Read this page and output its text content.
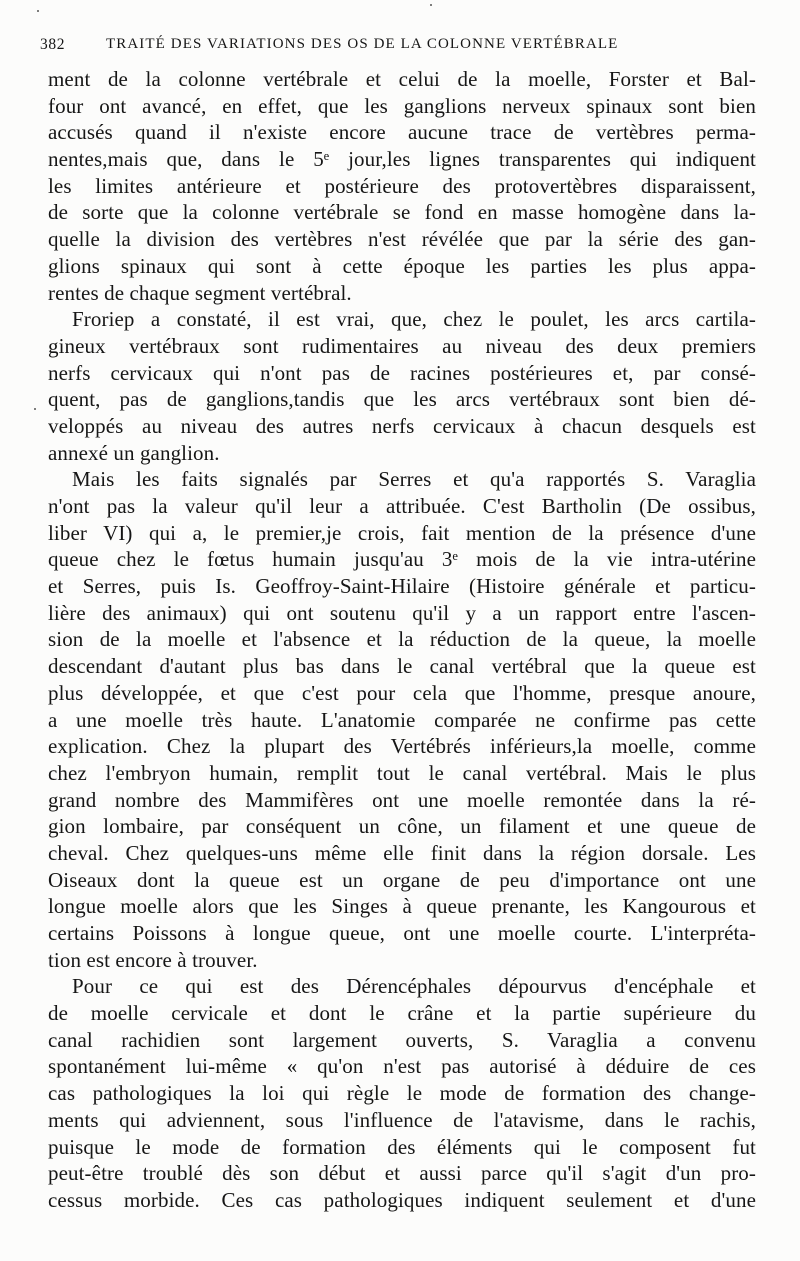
382	TRAITÉ DES VARIATIONS DES OS DE LA COLONNE VERTÉBRALE
ment de la colonne vertébrale et celui de la moelle, Forster et Bal-
four ont avancé, en effet, que les ganglions nerveux spinaux sont bien
accusés quand il n'existe encore aucune trace de vertèbres perma-
nentes,mais que, dans le 5ᵉ jour,les lignes transparentes qui indiquent
les limites antérieure et postérieure des protovertèbres disparaissent,
de sorte que la colonne vertébrale se fond en masse homogène dans la-
quelle la division des vertèbres n'est révélée que par la série des gan-
glions spinaux qui sont à cette époque les parties les plus appa-
rentes de chaque segment vertébral.
Froriep a constaté, il est vrai, que, chez le poulet, les arcs cartila-
gineux vertébraux sont rudimentaires au niveau des deux premiers
nerfs cervicaux qui n'ont pas de racines postérieures et, par consé-
quent, pas de ganglions,tandis que les arcs vertébraux sont bien dé-
veloppés au niveau des autres nerfs cervicaux à chacun desquels est
annexé un ganglion.
Mais les faits signalés par Serres et qu'a rapportés S. Varaglia
n'ont pas la valeur qu'il leur a attribuée. C'est Bartholin (De ossibus,
liber VI) qui a, le premier,je crois, fait mention de la présence d'une
queue chez le fœtus humain jusqu'au 3ᵉ mois de la vie intra-utérine
et Serres, puis Is. Geoffroy-Saint-Hilaire (Histoire générale et particu-
lière des animaux) qui ont soutenu qu'il y a un rapport entre l'ascen-
sion de la moelle et l'absence et la réduction de la queue, la moelle
descendant d'autant plus bas dans le canal vertébral que la queue est
plus développée, et que c'est pour cela que l'homme, presque anoure,
a une moelle très haute. L'anatomie comparée ne confirme pas cette
explication. Chez la plupart des Vertébrés inférieurs,la moelle, comme
chez l'embryon humain, remplit tout le canal vertébral. Mais le plus
grand nombre des Mammifères ont une moelle remontée dans la ré-
gion lombaire, par conséquent un cône, un filament et une queue de
cheval. Chez quelques-uns même elle finit dans la région dorsale. Les
Oiseaux dont la queue est un organe de peu d'importance ont une
longue moelle alors que les Singes à queue prenante, les Kangourous et
certains Poissons à longue queue, ont une moelle courte. L'interpréta-
tion est encore à trouver.
Pour ce qui est des Dérencéphales dépourvus d'encéphale et
de moelle cervicale et dont le crâne et la partie supérieure du
canal rachidien sont largement ouverts, S. Varaglia a convenu
spontanément lui-même « qu'on n'est pas autorisé à déduire de ces
cas pathologiques la loi qui règle le mode de formation des change-
ments qui adviennent, sous l'influence de l'atavisme, dans le rachis,
puisque le mode de formation des éléments qui le composent fut
peut-être troublé dès son début et aussi parce qu'il s'agit d'un pro-
cessus morbide. Ces cas pathologiques indiquent seulement et d'une
